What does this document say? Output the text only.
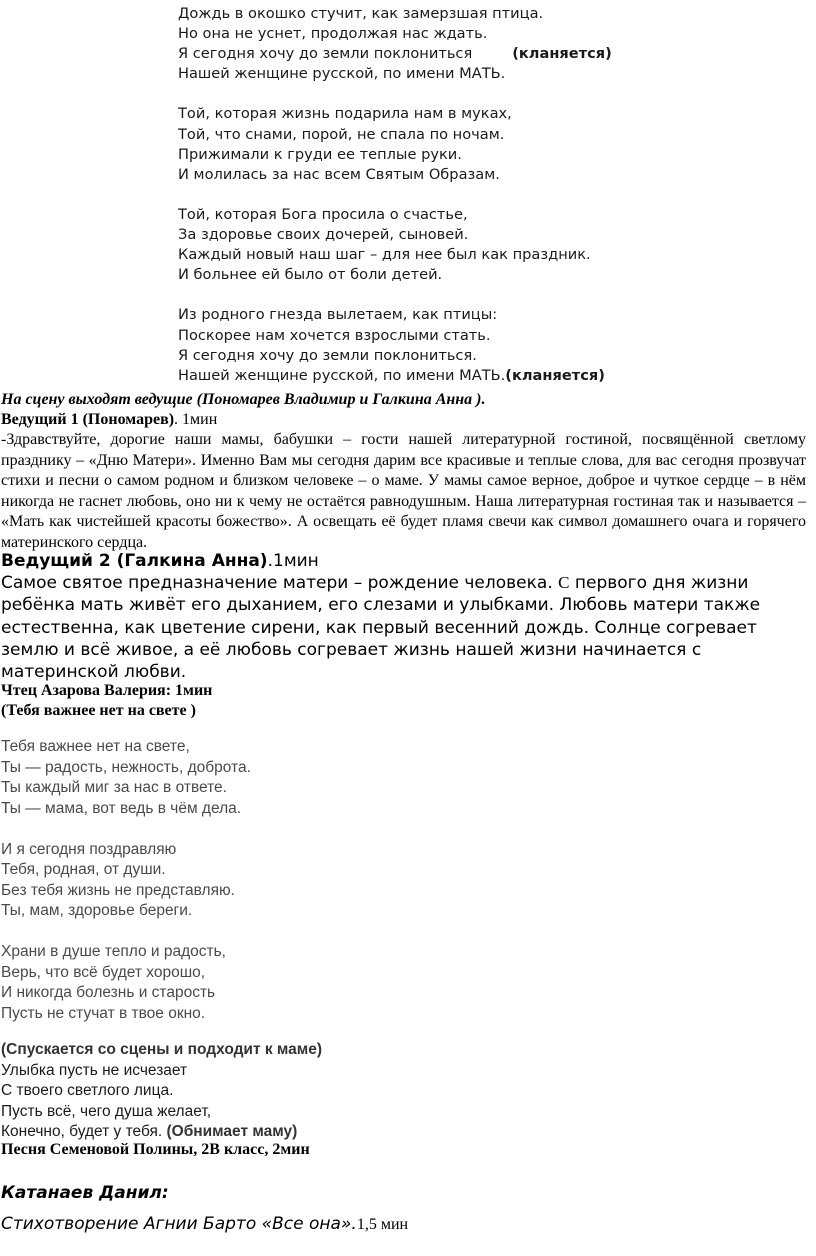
Дождь в окошко стучит, как замерзшая птица.
Но она не уснет, продолжая нас ждать.
Я сегодня хочу до земли поклониться	(кланяется)
Нашей женщине русской, по имени МАТЬ.
Той, которая жизнь подарила нам в муках,
Той, что снами, порой, не спала по ночам.
Прижимали к груди ее теплые руки.
И молилась за нас всем Святым Образам.
Той, которая Бога просила о счастье,
За здоровье своих дочерей, сыновей.
Каждый новый наш шаг – для нее был как праздник.
И больнее ей было от боли детей.
Из родного гнезда вылетаем, как птицы:
Поскорее нам хочется взрослыми стать.
Я сегодня хочу до земли поклониться.
Нашей женщине русской, по имени МАТЬ.(кланяется)
На сцену выходят ведущие (Пономарев Владимир и Галкина Анна ).
Ведущий 1 (Пономарев). 1мин
-Здравствуйте, дорогие наши мамы, бабушки – гости нашей литературной гостиной, посвящённой светлому празднику – «Дню Матери». Именно Вам мы сегодня дарим все красивые и теплые слова, для вас сегодня прозвучат стихи и песни о самом родном и близком человеке – о маме. У мамы самое верное, доброе и чуткое сердце – в нём никогда не гаснет любовь, оно ни к чему не остаётся равнодушным. Наша литературная гостиная так и называется – «Мать как чистейшей красоты божество». А освещать её будет пламя свечи как символ домашнего очага и горячего материнского сердца.
Ведущий 2 (Галкина Анна).1мин
Самое святое предназначение матери – рождение человека. С первого дня жизни ребёнка мать живёт его дыханием, его слезами и улыбками. Любовь матери также естественна, как цветение сирени, как первый весенний дождь. Солнце согревает землю и всё живое, а её любовь согревает жизнь нашей жизни начинается с материнской любви.
Чтец Азарова Валерия: 1мин
(Тебя важнее нет на свете )
Тебя важнее нет на свете,
Ты — радость, нежность, доброта.
Ты каждый миг за нас в ответе.
Ты — мама, вот ведь в чём дела.
И я сегодня поздравляю
Тебя, родная, от души.
Без тебя жизнь не представляю.
Ты, мам, здоровье береги.
Храни в душе тепло и радость,
Верь, что всё будет хорошо,
И никогда болезнь и старость
Пусть не стучат в твое окно.
(Спускается со сцены и подходит к маме)
Улыбка пусть не исчезает
С твоего светлого лица.
Пусть всё, чего душа желает,
Конечно, будет у тебя. (Обнимает маму)
Песня Семеновой Полины, 2В класс, 2мин
Катанаев Данил:
Стихотворение Агнии Барто «Все она».1,5 мин
